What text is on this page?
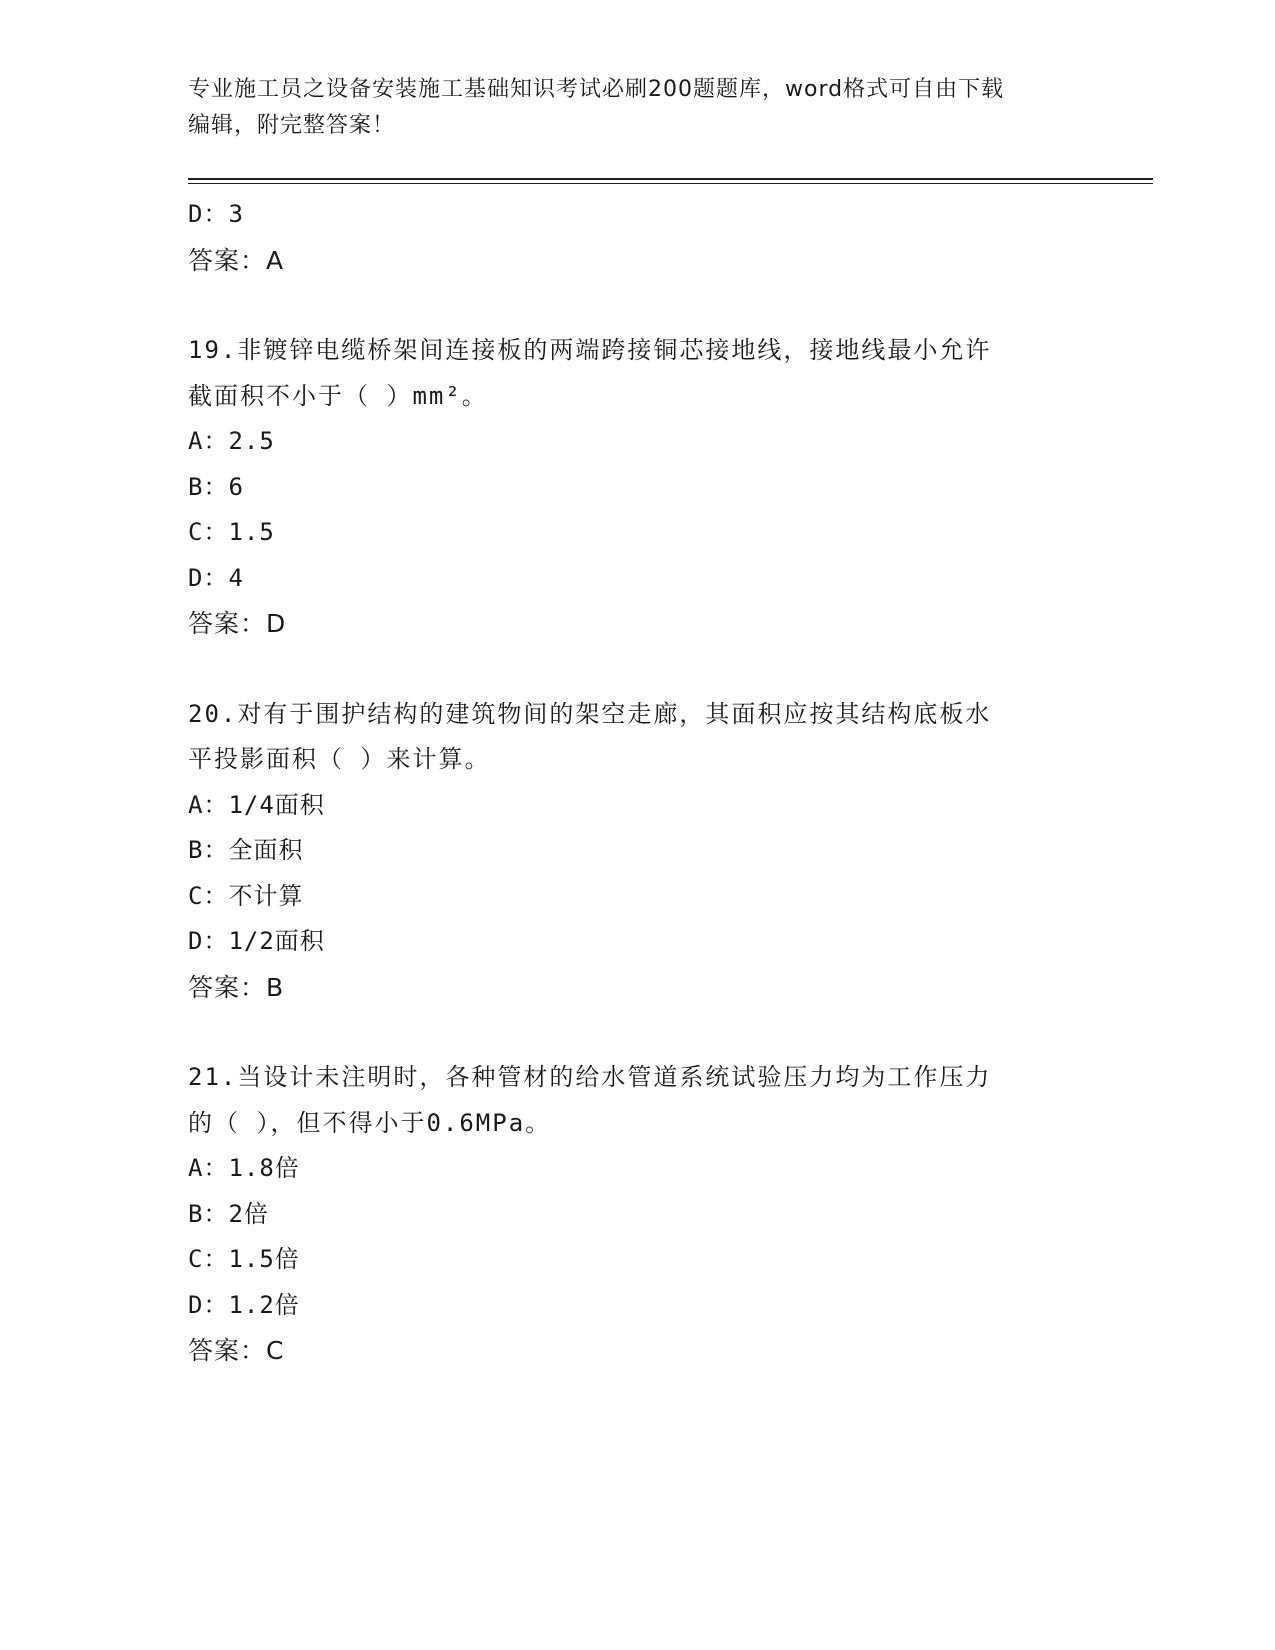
专业施工员之设备安装施工基础知识考试必刷200题题库，word格式可自由下载
编辑，附完整答案！
D：3
答案：A
19.非镀锌电缆桥架间连接板的两端跨接铜芯接地线，接地线最小允许
截面积不小于（ ）mm²。
A：2.5
B：6
C：1.5
D：4
答案：D
20.对有于围护结构的建筑物间的架空走廊，其面积应按其结构底板水
平投影面积（ ）来计算。
A：1/4面积
B：全面积
C：不计算
D：1/2面积
答案：B
21.当设计未注明时，各种管材的给水管道系统试验压力均为工作压力
的（ ），但不得小于0.6MPa。
A：1.8倍
B：2倍
C：1.5倍
D：1.2倍
答案：C
